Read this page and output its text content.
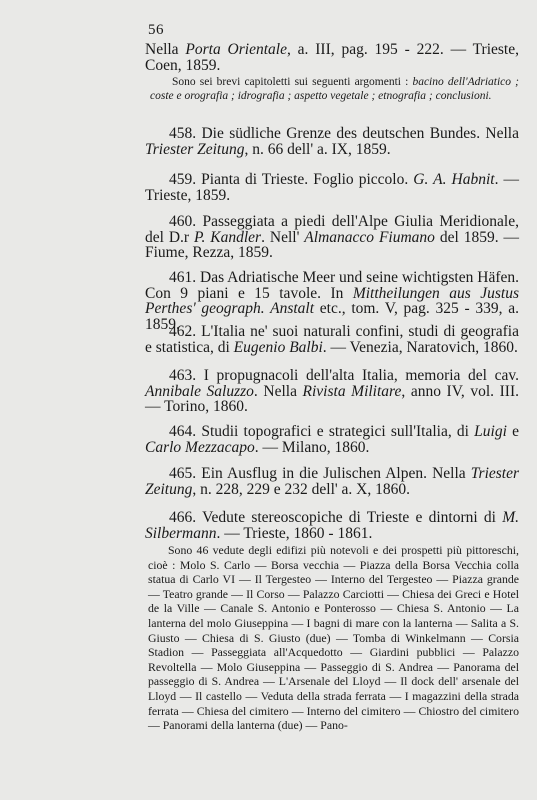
56

Nella Porta Orientale, a. III, pag. 195 - 222. — Trieste, Coen, 1859.

Sono sei brevi capitoletti sui seguenti argomenti : bacino dell'Adriatico ; coste e orografia ; idrografia ; aspetto vegetale ; etnografia ; conclusioni.

458. Die südliche Grenze des deutschen Bundes. Nella Triester Zeitung, n. 66 dell' a. IX, 1859.

459. Pianta di Trieste. Foglio piccolo. G. A. Habnit. — Trieste, 1859.

460. Passeggiata a piedi dell'Alpe Giulia Meridionale, del D.r P. Kandler. Nell' Almanacco Fiumano del 1859. — Fiume, Rezza, 1859.

461. Das Adriatische Meer und seine wichtigsten Häfen. Con 9 piani e 15 tavole. In Mittheilungen aus Justus Perthes' geograph. Anstalt etc., tom. V, pag. 325 - 339, a. 1859.

462. L'Italia ne' suoi naturali confini, studi di geografia e statistica, di Eugenio Balbi. — Venezia, Naratovich, 1860.

463. I propugnacoli dell'alta Italia, memoria del cav. Annibale Saluzzo. Nella Rivista Militare, anno IV, vol. III. — Torino, 1860.

464. Studii topografici e strategici sull'Italia, di Luigi e Carlo Mezzacapo. — Milano, 1860.

465. Ein Ausflug in die Julischen Alpen. Nella Triester Zeitung, n. 228, 229 e 232 dell' a. X, 1860.

466. Vedute stereoscopiche di Trieste e dintorni di M. Silbermann. — Trieste, 1860 - 1861.

Sono 46 vedute degli edifizi più notevoli e dei prospetti più pittoreschi, cioè : Molo S. Carlo — Borsa vecchia — Piazza della Borsa Vecchia colla statua di Carlo VI — Il Tergesteo — Interno del Tergesteo — Piazza grande — Teatro grande — Il Corso — Palazzo Carciotti — Chiesa dei Greci e Hotel de la Ville — Canale S. Antonio e Ponterosso — Chiesa S. Antonio — La lanterna del molo Giuseppina — I bagni di mare con la lanterna — Salita a S. Giusto — Chiesa di S. Giusto (due) — Tomba di Winkelmann — Corsia Stadion — Passeggiata all'Acquedotto — Giardini pubblici — Palazzo Revoltella — Molo Giuseppina — Passeggio di S. Andrea — Panorama del passeggio di S. Andrea — L'Arsenale del Lloyd — Il dock dell' arsenale del Lloyd — Il castello — Veduta della strada ferrata — I magazzini della strada ferrata — Chiesa del cimitero — Interno del cimitero — Chiostro del cimitero — Panorami della lanterna (due) — Pano-
